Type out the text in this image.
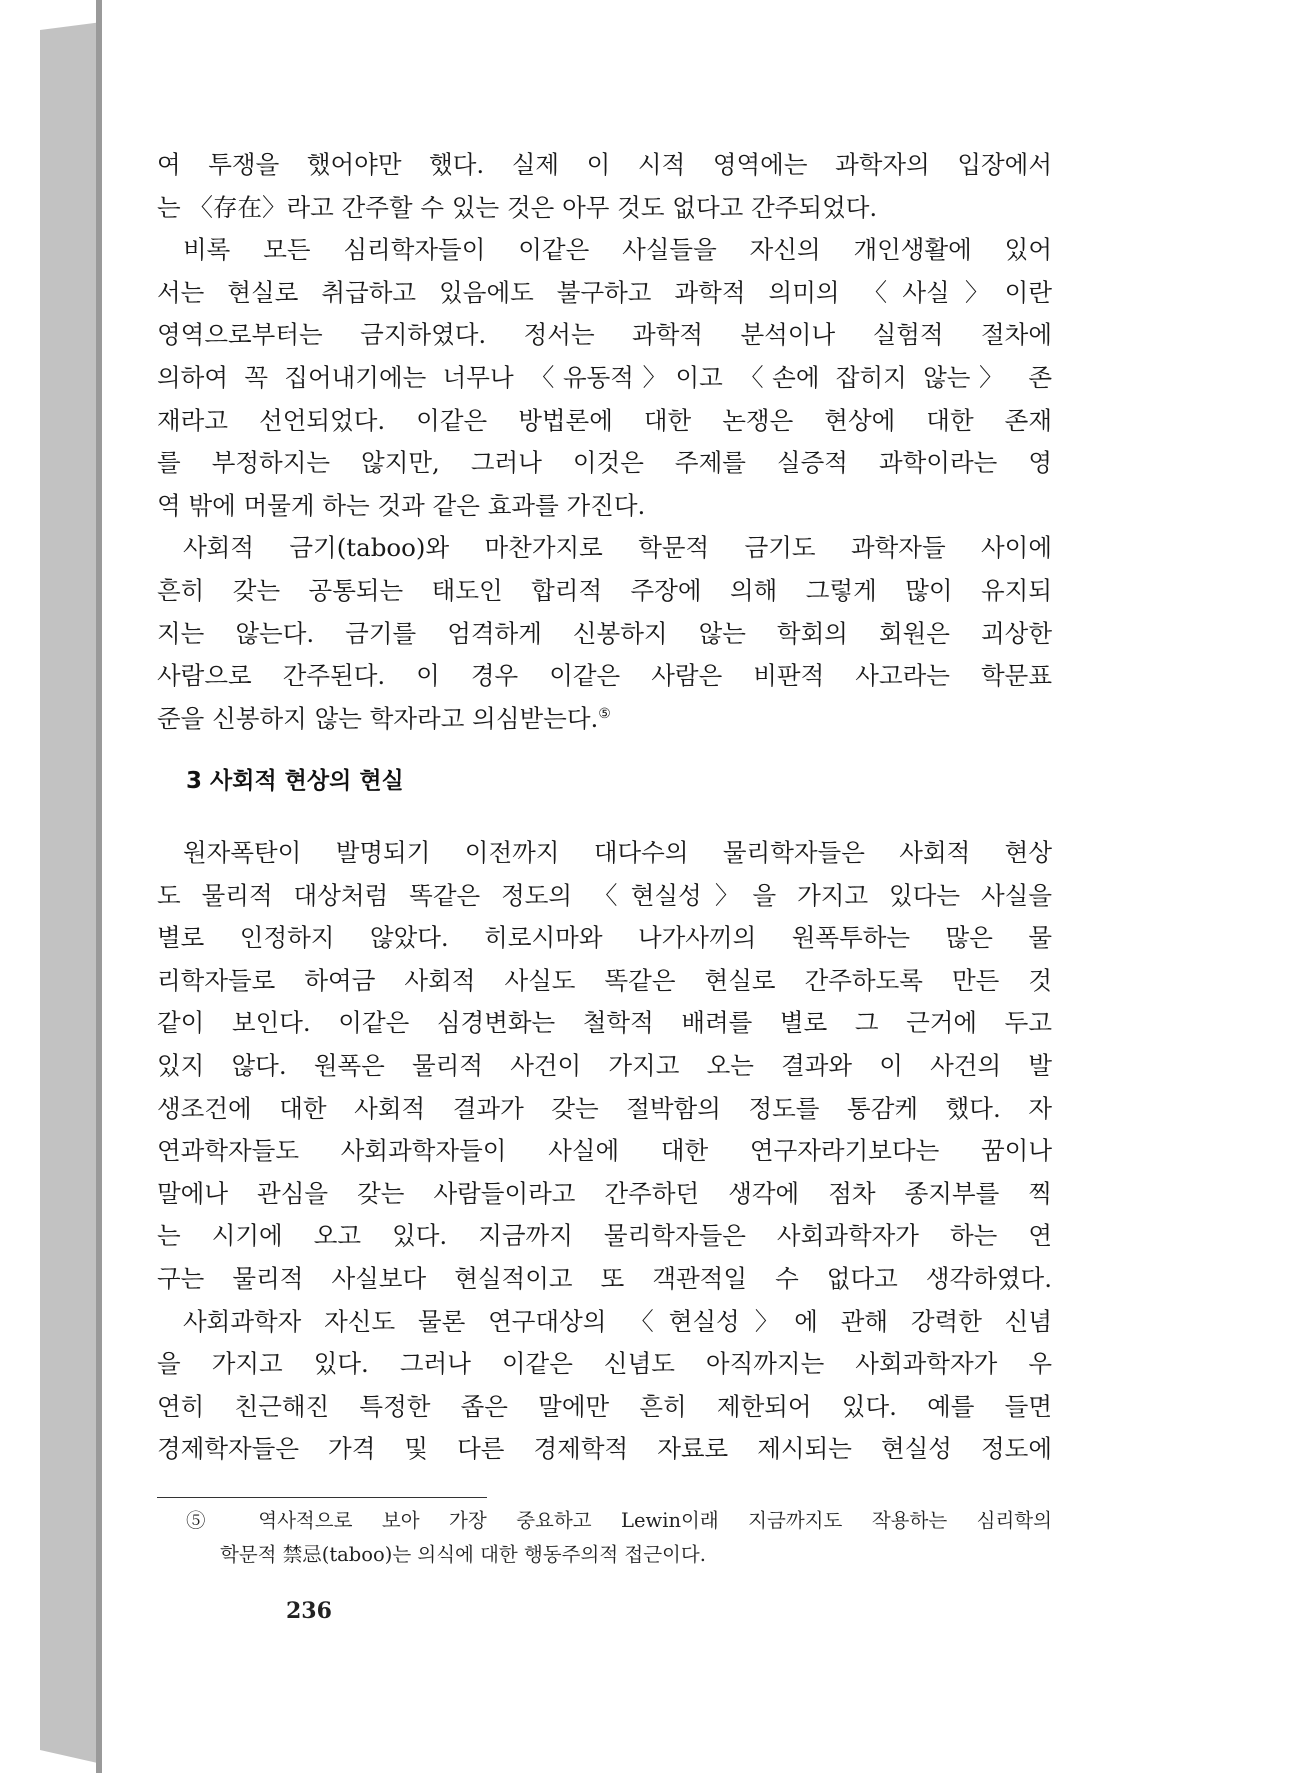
여 투쟁을 했어야만 했다. 실제 이 시적 영역에는 과학자의 입장에서
는 〈存在〉라고 간주할 수 있는 것은 아무 것도 없다고 간주되었다.
비록 모든 심리학자들이 이같은 사실들을 자신의 개인생활에 있어
서는 현실로 취급하고 있음에도 불구하고 과학적 의미의 〈사실〉이란
영역으로부터는 금지하였다. 정서는 과학적 분석이나 실험적 절차에
의하여 꼭 집어내기에는 너무나 〈유동적〉이고 〈손에 잡히지 않는〉 존
재라고 선언되었다. 이같은 방법론에 대한 논쟁은 현상에 대한 존재
를 부정하지는 않지만, 그러나 이것은 주제를 실증적 과학이라는 영
역 밖에 머물게 하는 것과 같은 효과를 가진다.
사회적 금기(taboo)와 마찬가지로 학문적 금기도 과학자들 사이에
흔히 갖는 공통되는 태도인 합리적 주장에 의해 그렇게 많이 유지되
지는 않는다. 금기를 엄격하게 신봉하지 않는 학회의 회원은 괴상한
사람으로 간주된다. 이 경우 이같은 사람은 비판적 사고라는 학문표
준을 신봉하지 않는 학자라고 의심받는다.⑤
3 사회적 현상의 현실
원자폭탄이 발명되기 이전까지 대다수의 물리학자들은 사회적 현상
도 물리적 대상처럼 똑같은 정도의 〈현실성〉을 가지고 있다는 사실을
별로 인정하지 않았다. 히로시마와 나가사끼의 원폭투하는 많은 물
리학자들로 하여금 사회적 사실도 똑같은 현실로 간주하도록 만든 것
같이 보인다. 이같은 심경변화는 철학적 배려를 별로 그 근거에 두고
있지 않다. 원폭은 물리적 사건이 가지고 오는 결과와 이 사건의 발
생조건에 대한 사회적 결과가 갖는 절박함의 정도를 통감케 했다. 자
연과학자들도 사회과학자들이 사실에 대한 연구자라기보다는 꿈이나
말에나 관심을 갖는 사람들이라고 간주하던 생각에 점차 종지부를 찍
는 시기에 오고 있다. 지금까지 물리학자들은 사회과학자가 하는 연
구는 물리적 사실보다 현실적이고 또 객관적일 수 없다고 생각하였다.
사회과학자 자신도 물론 연구대상의 〈현실성〉에 관해 강력한 신념
을 가지고 있다. 그러나 이같은 신념도 아직까지는 사회과학자가 우
연히 친근해진 특정한 좁은 말에만 흔히 제한되어 있다. 예를 들면
경제학자들은 가격 및 다른 경제학적 자료로 제시되는 현실성 정도에
⑤ 역사적으로 보아 가장 중요하고 Lewin이래 지금까지도 작용하는 심리학의
학문적 禁忌(taboo)는 의식에 대한 행동주의적 접근이다.
236
